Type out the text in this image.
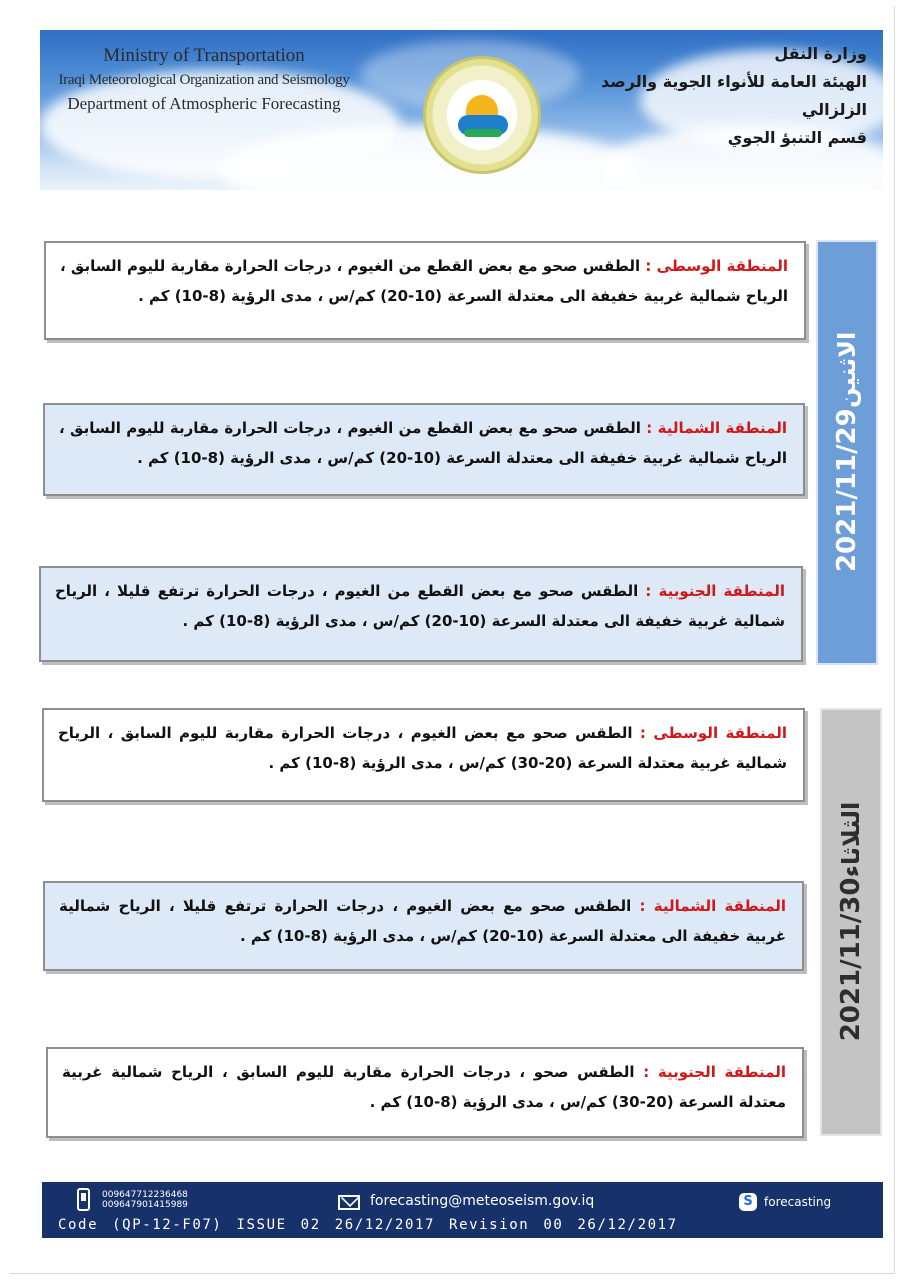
Ministry of Transportation
Iraqi Meteorological Organization and Seismology
Department of Atmospheric Forecasting
وزارة النقل
الهيئة العامة للأنواء الجوية والرصد الزلزالي
قسم التنبؤ الجوي
المنطقة الوسطى : الطقس صحو مع بعض القطع من الغيوم ، درجات الحرارة مقاربة لليوم السابق ، الرياح شمالية غربية خفيفة الى معتدلة السرعة (10-20) كم/س ، مدى الرؤية (8-10) كم .
المنطقة الشمالية : الطقس صحو مع بعض القطع من الغيوم ، درجات الحرارة مقاربة لليوم السابق ، الرياح شمالية غربية خفيفة الى معتدلة السرعة (10-20) كم/س ، مدى الرؤية (8-10) كم .
المنطقة الجنوبية : الطقس صحو مع بعض القطع من الغيوم ، درجات الحرارة ترتفع قليلا ، الرياح شمالية غربية خفيفة الى معتدلة السرعة (10-20) كم/س ، مدى الرؤية (8-10) كم .
2021/11/29الاثنين
المنطقة الوسطى : الطقس صحو مع بعض الغيوم ، درجات الحرارة مقاربة لليوم السابق ، الرياح شمالية غربية معتدلة السرعة (20-30) كم/س ، مدى الرؤية (8-10) كم .
المنطقة الشمالية : الطقس صحو مع بعض الغيوم ، درجات الحرارة ترتفع قليلا ، الرياح شمالية غربية خفيفة الى معتدلة السرعة (10-20) كم/س ، مدى الرؤية (8-10) كم .
المنطقة الجنوبية : الطقس صحو ، درجات الحرارة مقاربة لليوم السابق ، الرياح شمالية غربية معتدلة السرعة (20-30) كم/س ، مدى الرؤية (8-10) كم .
2021/11/30الثلاثاء
009647712236468
009647901415989	forecasting@meteoseism.gov.iq	S forecasting
Code (QP-12-F07) ISSUE 02 26/12/2017 Revision 00 26/12/2017
